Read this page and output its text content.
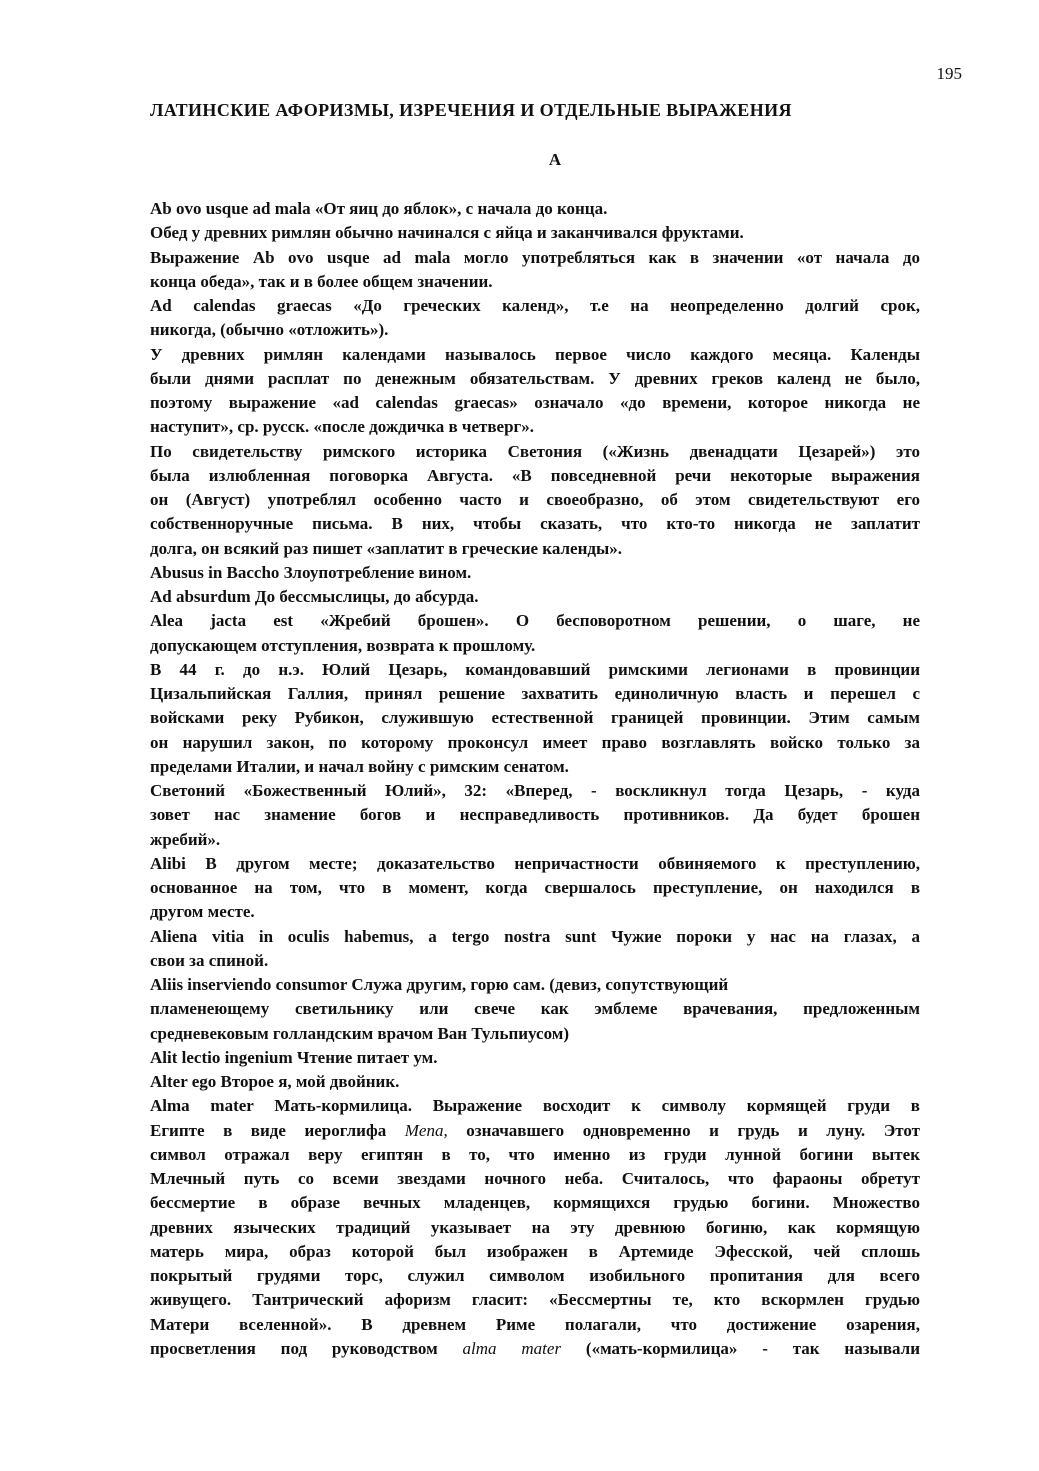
195
ЛАТИНСКИЕ АФОРИЗМЫ, ИЗРЕЧЕНИЯ И ОТДЕЛЬНЫЕ ВЫРАЖЕНИЯ
A
Ab ovo usque ad mala «От яиц до яблок», с начала до конца.
Обед у древних римлян обычно начинался с яйца и заканчивался фруктами.
Выражение Ab ovo usque ad mala могло употребляться как в значении «от начала до
конца обеда», так и в более общем значении.
Ad calendas graecas «До греческих календ», т.е на неопределенно долгий срок,
никогда, (обычно «отложить»).
У древних римлян календами называлось первое число каждого месяца. Календы
были днями расплат по денежным обязательствам. У древних греков календ не было,
поэтому выражение «ad calendas graecas» означало «до времени, которое никогда не
наступит», ср. русск. «после дождичка в четверг».
По свидетельству римского историка Светония («Жизнь двенадцати Цезарей») это
была излюбленная поговорка Августа. «В повседневной речи некоторые выражения
он (Август) употреблял особенно часто и своеобразно, об этом свидетельствуют его
собственноручные письма. В них, чтобы сказать, что кто-то никогда не заплатит
долга, он всякий раз пишет «заплатит в греческие календы».
Abusus in Baccho Злоупотребление вином.
Ad absurdum До бессмыслицы, до абсурда.
Alea jacta est «Жребий брошен». О бесповоротном решении, о шаге, не
допускающем отступления, возврата к прошлому.
В 44 г. до н.э. Юлий Цезарь, командовавший римскими легионами в провинции
Цизальпийская Галлия, принял решение захватить единоличную власть и перешел с
войсками реку Рубикон, служившую естественной границей провинции. Этим самым
он нарушил закон, по которому проконсул имеет право возглавлять войско только за
пределами Италии, и начал войну с римским сенатом.
Светоний «Божественный Юлий», 32: «Вперед, - воскликнул тогда Цезарь, - куда
зовет нас знамение богов и несправедливость противников. Да будет брошен
жребий».
Alibi В другом месте; доказательство непричастности обвиняемого к преступлению,
основанное на том, что в момент, когда свершалось преступление, он находился в
другом месте.
Aliena vitia in oculis habemus, a tergo nostra sunt Чужие пороки у нас на глазах, а
свои за спиной.
Aliis inserviendo consumor Служа другим, горю сам. (девиз, сопутствующий
пламенеющему светильнику или свече как эмблеме врачевания, предложенным
средневековым голландским врачом Ван Тульпиусом)
Alit lectio ingenium Чтение питает ум.
Alter ego Второе я, мой двойник.
Alma mater Мать-кормилица. Выражение восходит к символу кормящей груди в
Египте в виде иероглифа Mena, означавшего одновременно и грудь и луну. Этот
символ отражал веру египтян в то, что именно из груди лунной богини вытек
Млечный путь со всеми звездами ночного неба. Считалось, что фараоны обретут
бессмертие в образе вечных младенцев, кормящихся грудью богини. Множество
древних языческих традиций указывает на эту древнюю богиню, как кормящую
матерь мира, образ которой был изображен в Артемиде Эфесской, чей сплошь
покрытый грудями торс, служил символом изобильного пропитания для всего
живущего. Тантрический афоризм гласит: «Бессмертны те, кто вскормлен грудью
Матери вселенной». В древнем Риме полагали, что достижение озарения,
просветления под руководством alma mater («мать-кормилица» - так называли
